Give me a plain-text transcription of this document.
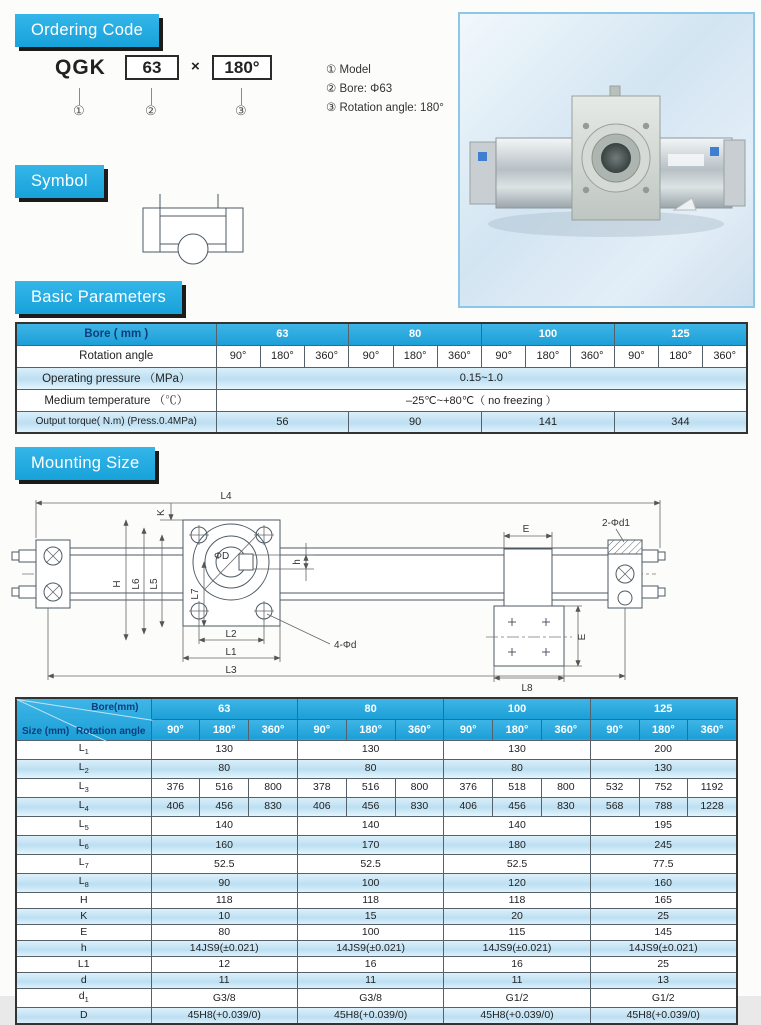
Ordering Code
QGK	63	×	180°
①	②	③
① Model
② Bore: Φ63
③ Rotation angle: 180°
Symbol
Basic Parameters
Bore ( mm )	63			80			100			125		
Rotation angle	90°	180°	360°	90°	180°	360°	90°	180°	360°	90°	180°	360°
Operating pressure （MPa）	0.15~1.0											
Medium temperature （℃）	–25℃~+80℃（ no freezing ）											
Output torque( N.m) (Press.0.4MPa)	56			90			141			344		
Mounting Size
ΦD
L4
K
H L6 L5
L7
h
2-Φd1
4-Φd
L2
L1
L3
E
E
L8
Bore(mm)
Rotation angle
Size (mm)	63			80			100			125		
	90°	180°	360°	90°	180°	360°	90°	180°	360°	90°	180°	360°
$L_1$	130			130			130			200		
$L_2$	80			80			80			130		
$L_3$	376	516	800	378	516	800	376	518	800	532	752	1192
$L_4$	406	456	830	406	456	830	406	456	830	568	788	1228
$L_5$	140			140			140			195		
$L_6$	160			170			180			245		
$L_7$	52.5			52.5			52.5			77.5		
$L_8$	90			100			120			160		
H	118			118			118			165		
K	10			15			20			25		
E	80			100			115			145		
h	14JS9(±0.021)			14JS9(±0.021)			14JS9(±0.021)			14JS9(±0.021)		
L1	12			16			16			25		
d	11			11			11			13		
$d_1$	G3/8			G3/8			G1/2			G1/2		
D	45H8(+0.039/0)			45H8(+0.039/0)			45H8(+0.039/0)			45H8(+0.039/0)		
